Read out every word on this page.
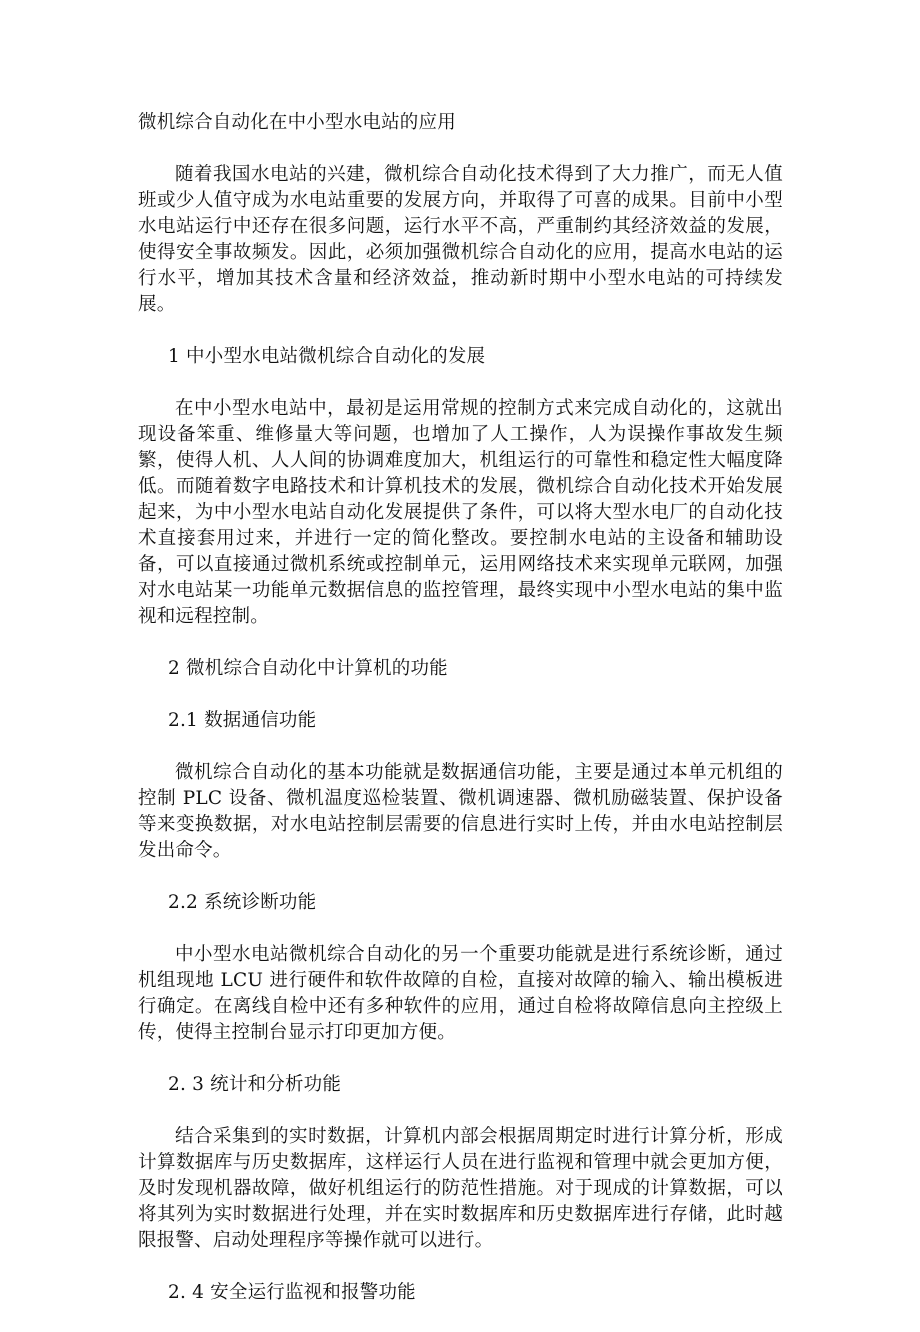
微机综合自动化在中小型水电站的应用

随着我国水电站的兴建，微机综合自动化技术得到了大力推广，而无人值班或少人值守成为水电站重要的发展方向，并取得了可喜的成果。目前中小型水电站运行中还存在很多问题，运行水平不高，严重制约其经济效益的发展，使得安全事故频发。因此，必须加强微机综合自动化的应用，提高水电站的运行水平，增加其技术含量和经济效益，推动新时期中小型水电站的可持续发展。

1 中小型水电站微机综合自动化的发展

在中小型水电站中，最初是运用常规的控制方式来完成自动化的，这就出现设备笨重、维修量大等问题，也增加了人工操作，人为误操作事故发生频繁，使得人机、人人间的协调难度加大，机组运行的可靠性和稳定性大幅度降低。而随着数字电路技术和计算机技术的发展，微机综合自动化技术开始发展起来，为中小型水电站自动化发展提供了条件，可以将大型水电厂的自动化技术直接套用过来，并进行一定的简化整改。要控制水电站的主设备和辅助设备，可以直接通过微机系统或控制单元，运用网络技术来实现单元联网，加强对水电站某一功能单元数据信息的监控管理，最终实现中小型水电站的集中监视和远程控制。

2 微机综合自动化中计算机的功能

2.1 数据通信功能

微机综合自动化的基本功能就是数据通信功能，主要是通过本单元机组的控制 PLC 设备、微机温度巡检装置、微机调速器、微机励磁装置、保护设备等来变换数据，对水电站控制层需要的信息进行实时上传，并由水电站控制层发出命令。

2.2 系统诊断功能

中小型水电站微机综合自动化的另一个重要功能就是进行系统诊断，通过机组现地 LCU 进行硬件和软件故障的自检，直接对故障的输入、输出模板进行确定。在离线自检中还有多种软件的应用，通过自检将故障信息向主控级上传，使得主控制台显示打印更加方便。

2. 3 统计和分析功能

结合采集到的实时数据，计算机内部会根据周期定时进行计算分析，形成计算数据库与历史数据库，这样运行人员在进行监视和管理中就会更加方便，及时发现机器故障，做好机组运行的防范性措施。对于现成的计算数据，可以将其列为实时数据进行处理，并在实时数据库和历史数据库进行存储，此时越限报警、启动处理程序等操作就可以进行。

2. 4 安全运行监视和报警功能
